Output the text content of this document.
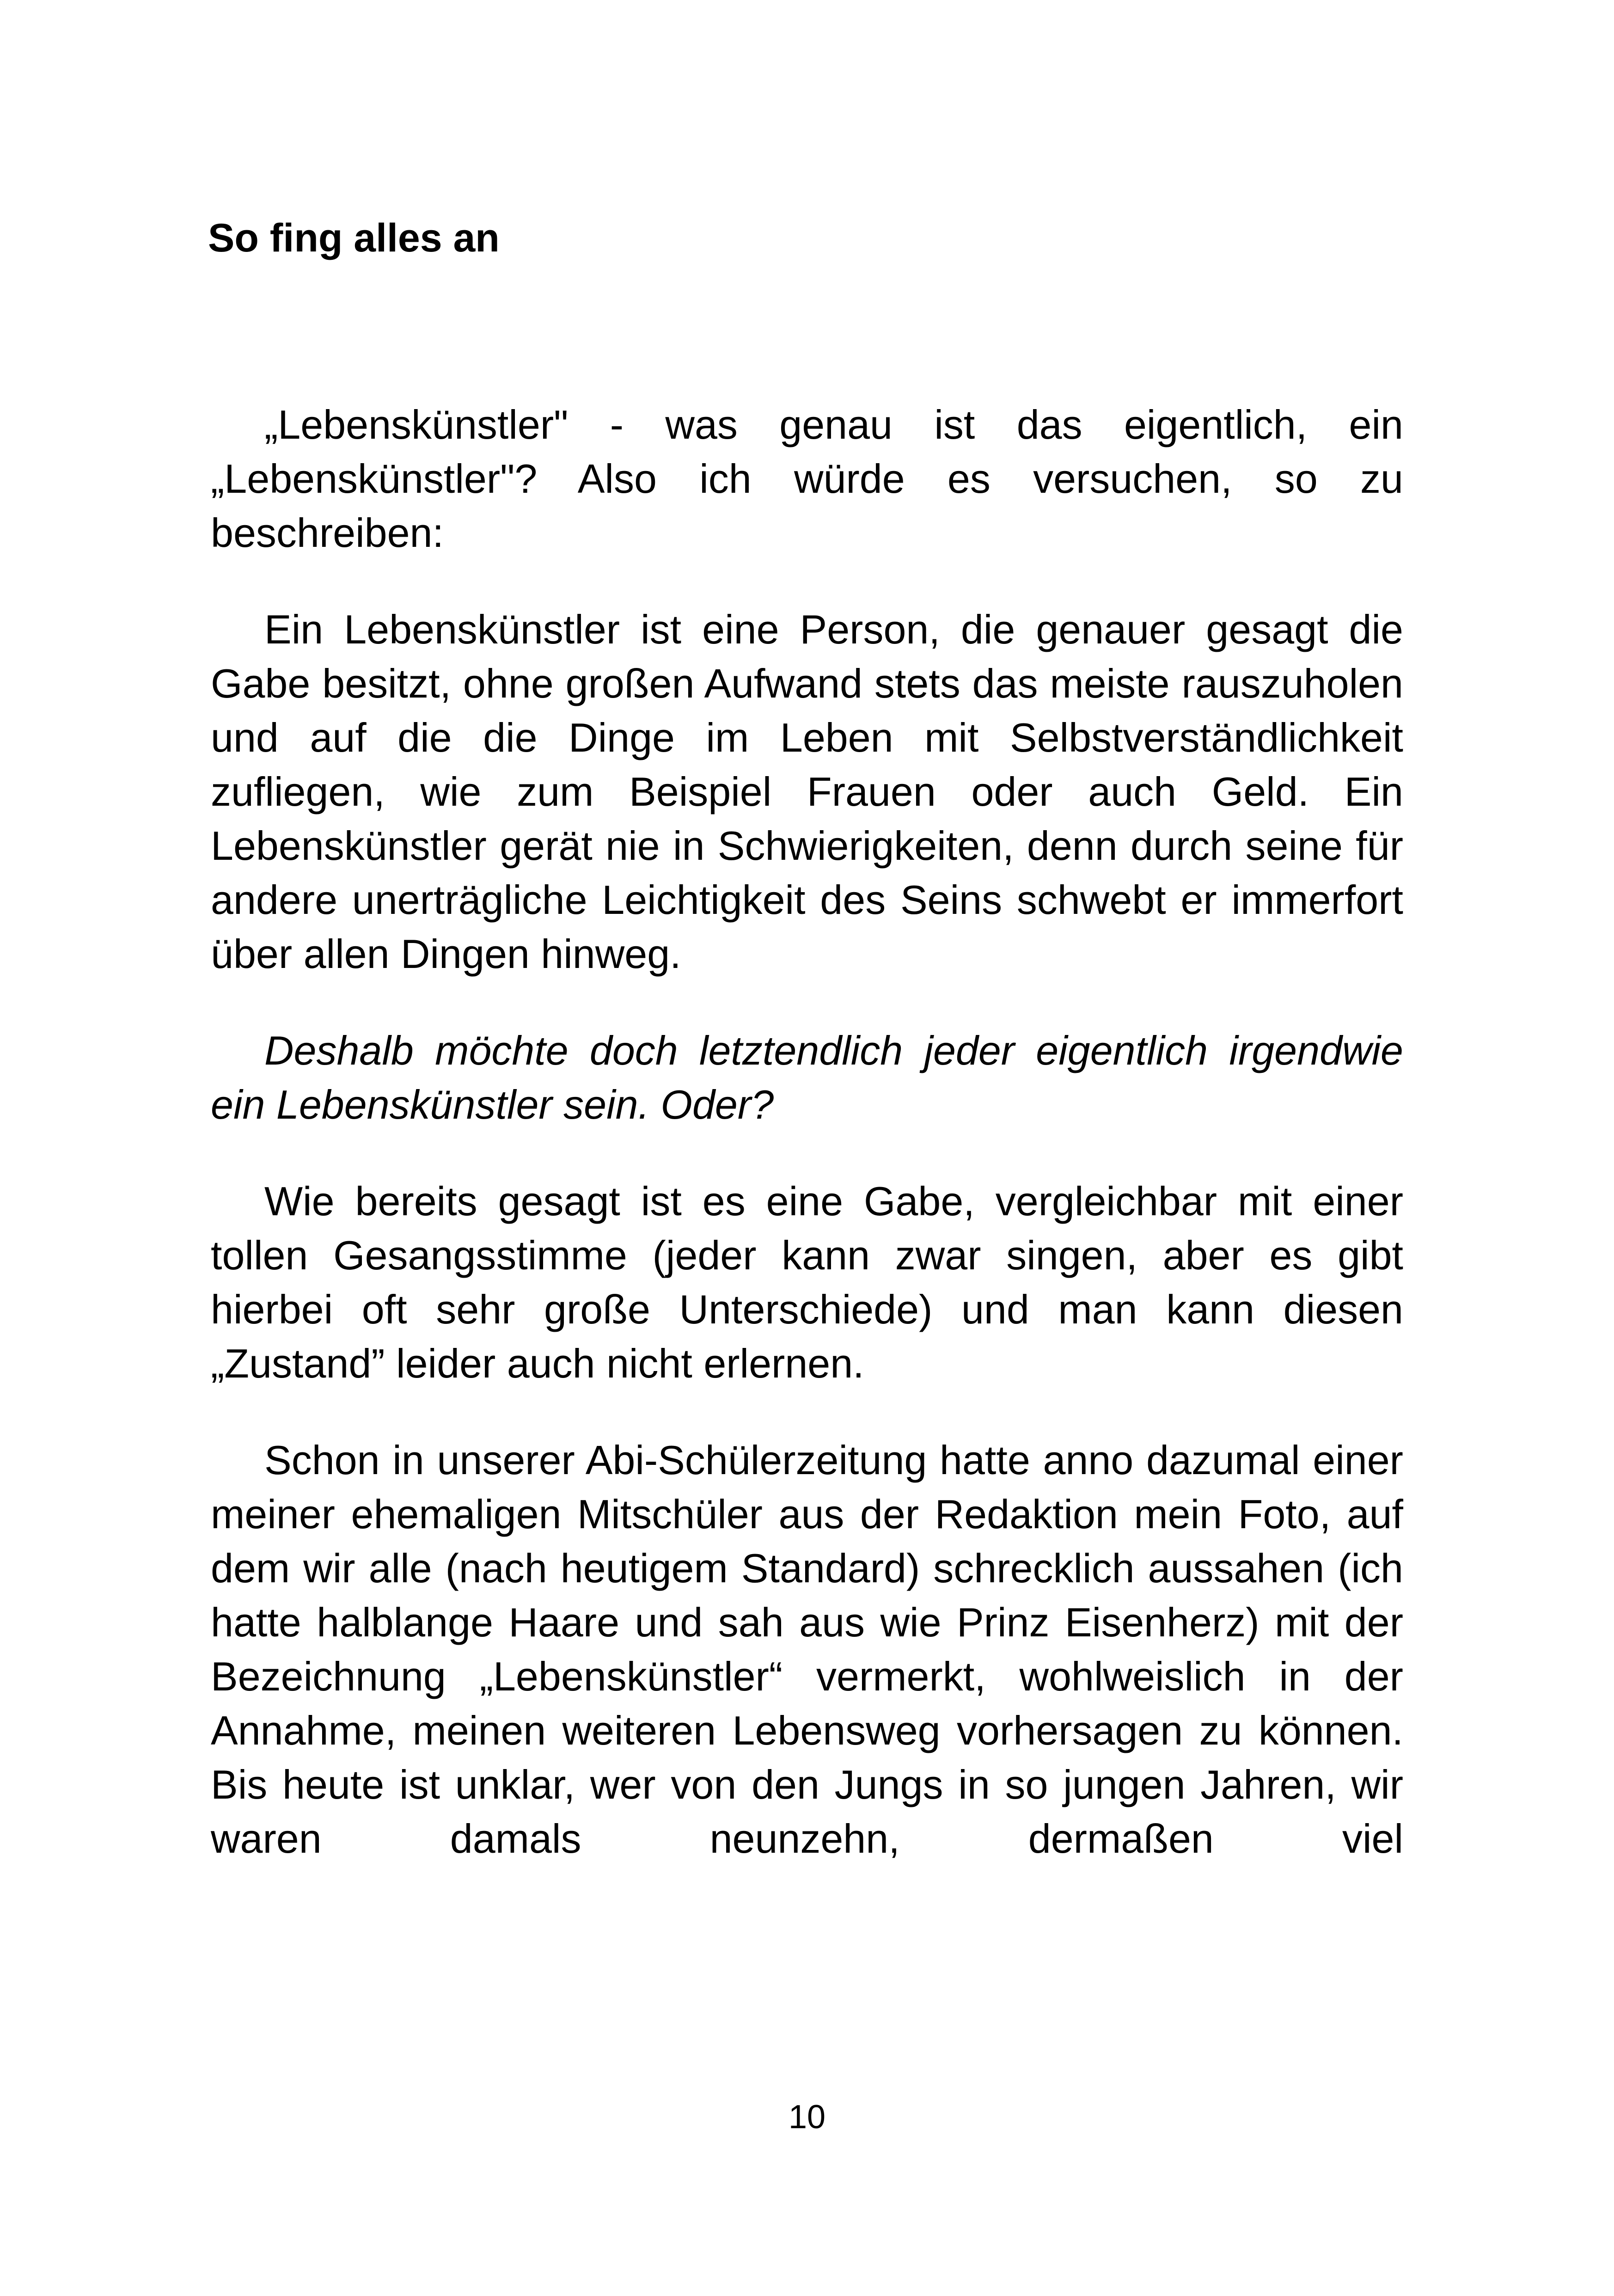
So fing alles an

„Lebenskünstler" - was genau ist das eigentlich, ein „Lebenskünstler"? Also ich würde es versuchen, so zu beschreiben:

Ein Lebenskünstler ist eine Person, die genauer gesagt die Gabe besitzt, ohne großen Aufwand stets das meiste rauszuholen und auf die die Dinge im Leben mit Selbstverständlichkeit zufliegen, wie zum Beispiel Frauen oder auch Geld. Ein Lebenskünstler gerät nie in Schwierigkeiten, denn durch seine für andere unerträgliche Leichtigkeit des Seins schwebt er immerfort über allen Dingen hinweg.

Deshalb möchte doch letztendlich jeder eigentlich irgendwie ein Lebenskünstler sein. Oder?

Wie bereits gesagt ist es eine Gabe, vergleichbar mit einer tollen Gesangsstimme (jeder kann zwar singen, aber es gibt hierbei oft sehr große Unterschiede) und man kann diesen „Zustand” leider auch nicht erlernen.

Schon in unserer Abi-Schülerzeitung hatte anno dazumal einer meiner ehemaligen Mitschüler aus der Redaktion mein Foto, auf dem wir alle (nach heutigem Standard) schrecklich aussahen (ich hatte halblange Haare und sah aus wie Prinz Eisenherz) mit der Bezeichnung „Lebenskünstler“ vermerkt, wohlweislich in der Annahme, meinen weiteren Lebensweg vorhersagen zu können. Bis heute ist unklar, wer von den Jungs in so jungen Jahren, wir waren damals neunzehn, dermaßen viel

10
